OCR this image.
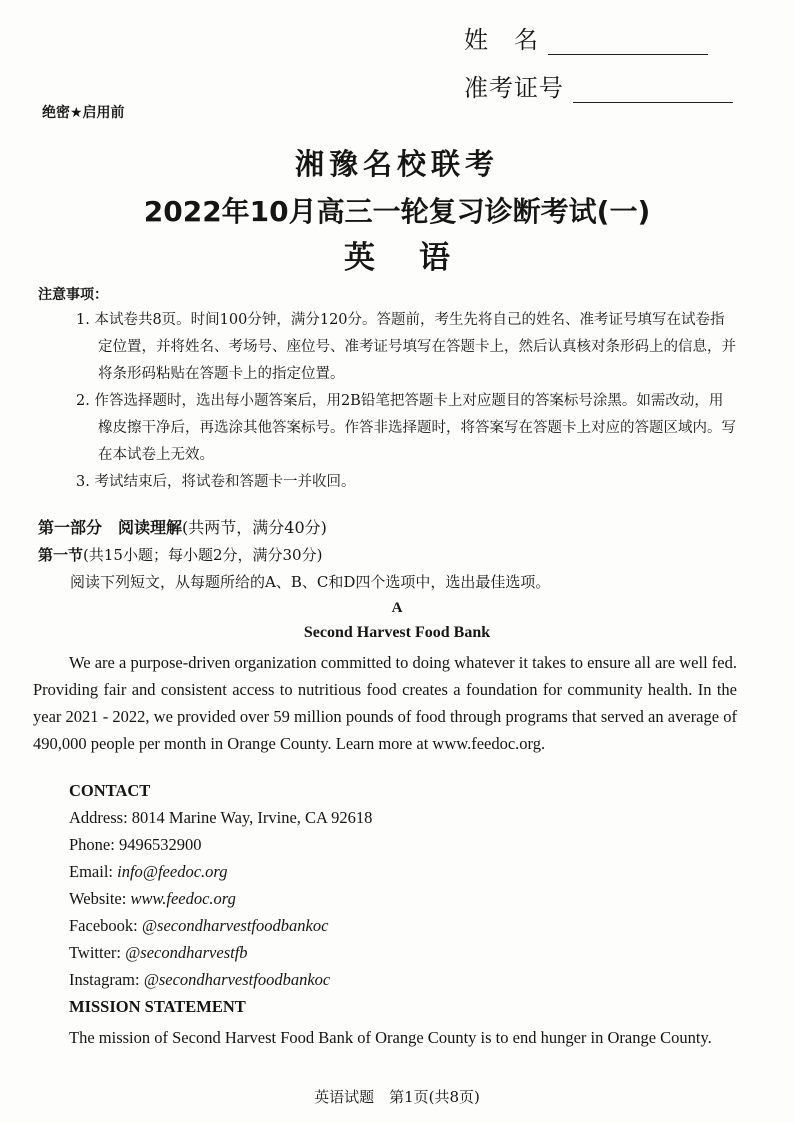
姓　名
准考证号
绝密★启用前
湘豫名校联考
2022年10月高三一轮复习诊断考试(一)
英 语
注意事项：

1. 本试卷共8页。时间100分钟，满分120分。答题前，考生先将自己的姓名、准考证号填写在试卷指定位置，并将姓名、考场号、座位号、准考证号填写在答题卡上，然后认真核对条形码上的信息，并将条形码粘贴在答题卡上的指定位置。

2. 作答选择题时，选出每小题答案后，用2B铅笔把答题卡上对应题目的答案标号涂黑。如需改动，用橡皮擦干净后，再选涂其他答案标号。作答非选择题时，将答案写在答题卡上对应的答题区域内。写在本试卷上无效。

3. 考试结束后，将试卷和答题卡一并收回。

第一部分　阅读理解(共两节，满分40分)
第一节(共15小题；每小题2分，满分30分)
阅读下列短文，从每题所给的A、B、C和D四个选项中，选出最佳选项。
A
Second Harvest Food Bank
We are a purpose-driven organization committed to doing whatever it takes to ensure all are well fed. Providing fair and consistent access to nutritious food creates a foundation for community health. In the year 2021 - 2022, we provided over 59 million pounds of food through programs that served an average of 490,000 people per month in Orange County. Learn more at www.feedoc.org.
CONTACT
Address: 8014 Marine Way, Irvine, CA 92618
Phone: 9496532900
Email: info@feedoc.org
Website: www.feedoc.org
Facebook: @secondharvestfoodbankoc
Twitter: @secondharvestfb
Instagram: @secondharvestfoodbankoc
MISSION STATEMENT
The mission of Second Harvest Food Bank of Orange County is to end hunger in Orange County.
英语试题　第1页(共8页)
